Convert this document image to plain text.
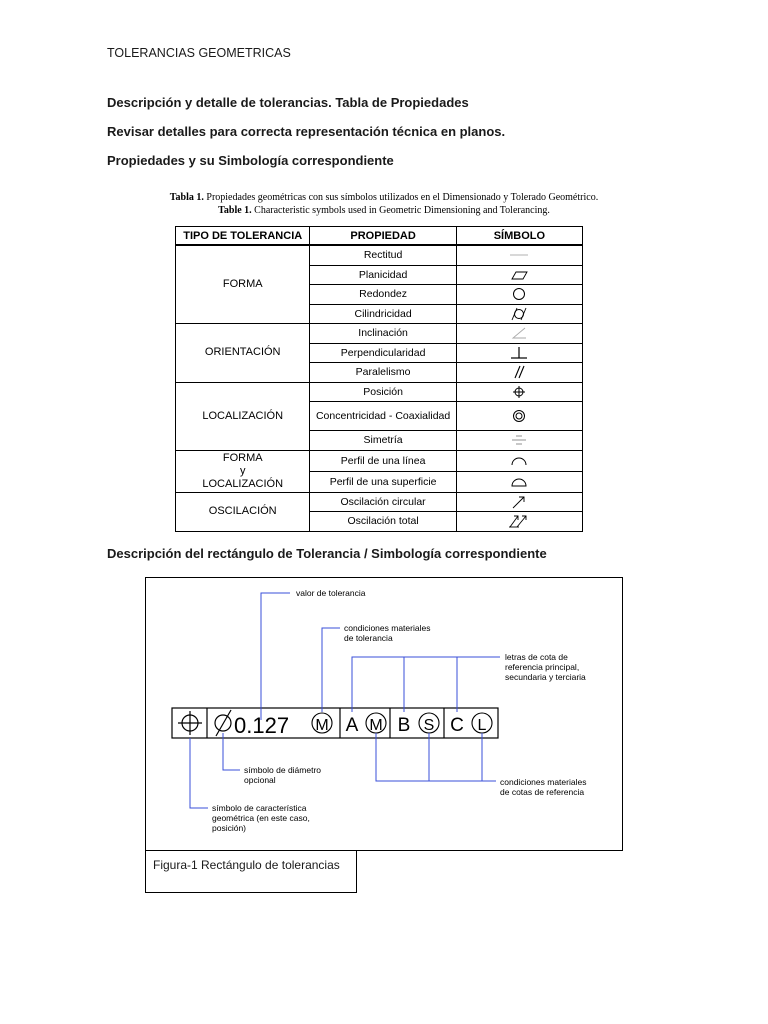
TOLERANCIAS GEOMETRICAS
Descripción y detalle de tolerancias. Tabla de Propiedades
Revisar detalles para correcta representación técnica en planos.
Propiedades y su Simbología correspondiente
Tabla 1. Propiedades geométricas con sus símbolos utilizados en el Dimensionado y Tolerado Geométrico.
Table 1. Characteristic symbols used in Geometric Dimensioning and Tolerancing.
TIPO DE TOLERANCIA	PROPIEDAD	SÍMBOLO
FORMA	Rectitud	

	Planicidad	

	Redondez	

	Cilindricidad	

ORIENTACIÓN	Inclinación	

	Perpendicularidad	

	Paralelismo	

LOCALIZACIÓN	Posición	

	Concentricidad - Coaxialidad	

	Simetría	

FORMA
y
LOCALIZACIÓN	Perfil de una línea	

	Perfil de una superficie	

OSCILACIÓN	Oscilación circular	

	Oscilación total	
Descripción del rectángulo de Tolerancia / Simbología correspondiente
0.127 M A M B S C L
valor de tolerancia
condiciones materiales
de tolerancia
letras de cota de
referencia principal,
secundaria y terciaria
símbolo de diámetro
opcional
símbolo de característica
geométrica (en este caso,
posición)
condiciones materiales
de cotas de referencia
Figura-1 Rectángulo de tolerancias
